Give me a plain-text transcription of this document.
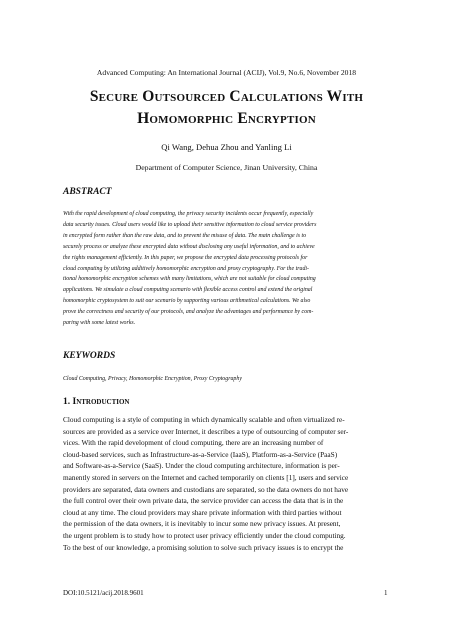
Advanced Computing: An International Journal (ACIJ), Vol.9, No.6, November 2018
Secure Outsourced Calculations With
Homomorphic Encryption
Qi Wang, Dehua Zhou and Yanling Li
Department of Computer Science, Jinan University, China
ABSTRACT
With the rapid development of cloud computing, the privacy security incidents occur frequently, especially
data security issues. Cloud users would like to upload their sensitive information to cloud service providers
in encrypted form rather than the raw data, and to prevent the misuse of data. The main challenge is to
securely process or analyze these encrypted data without disclosing any useful information, and to achieve
the rights management efficiently. In this paper, we propose the encrypted data processing protocols for
cloud computing by utilizing additively homomorphic encryption and proxy cryptography. For the tradi-
tional homomorphic encryption schemes with many limitations, which are not suitable for cloud computing
applications. We simulate a cloud computing scenario with flexible access control and extend the original
homomorphic cryptosystem to suit our scenario by supporting various arithmetical calculations. We also
prove the correctness and security of our protocols, and analyze the advantages and performance by com-
paring with some latest works.
KEYWORDS
Cloud Computing, Privacy, Homomorphic Encryption, Proxy Cryptography
1. Introduction
Cloud computing is a style of computing in which dynamically scalable and often virtualized re-
sources are provided as a service over Internet, it describes a type of outsourcing of computer ser-
vices. With the rapid development of cloud computing, there are an increasing number of
cloud-based services, such as Infrastructure-as-a-Service (IaaS), Platform-as-a-Service (PaaS)
and Software-as-a-Service (SaaS). Under the cloud computing architecture, information is per-
manently stored in servers on the Internet and cached temporarily on clients [1], users and service
providers are separated, data owners and custodians are separated, so the data owners do not have
the full control over their own private data, the service provider can access the data that is in the
cloud at any time. The cloud providers may share private information with third parties without
the permission of the data owners, it is inevitably to incur some new privacy issues. At present,
the urgent problem is to study how to protect user privacy efficiently under the cloud computing.
To the best of our knowledge, a promising solution to solve such privacy issues is to encrypt the
DOI:10.5121/acij.2018.9601	1
